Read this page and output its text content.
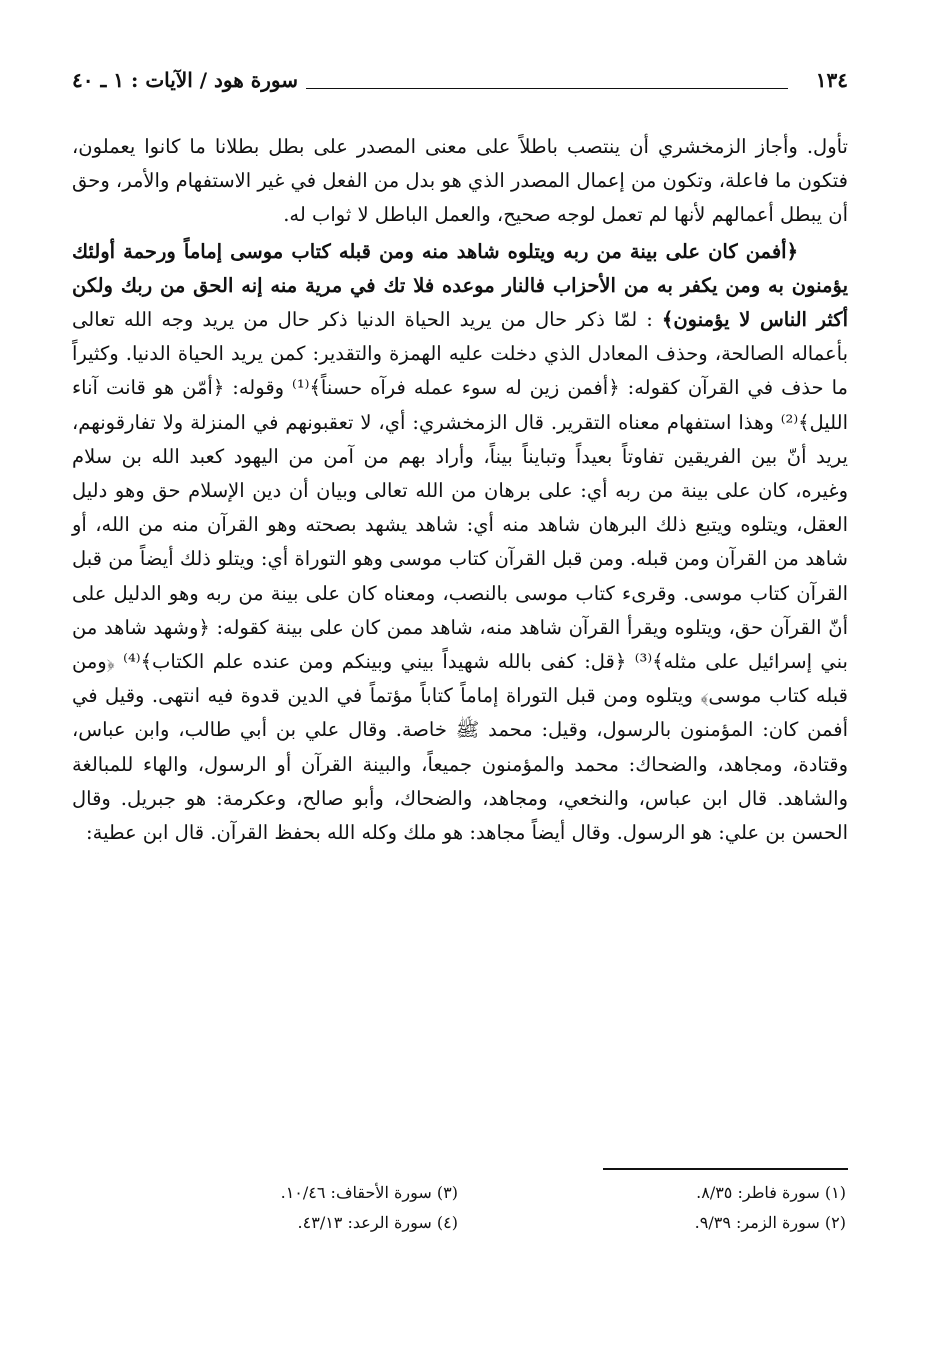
١٣٤
سورة هود / الآيات : ١ ـ ٤٠

تأول. وأجاز الزمخشري أن ينتصب باطلاً على معنى المصدر على بطل بطلانا ما كانوا يعملون، فتكون ما فاعلة، وتكون من إعمال المصدر الذي هو بدل من الفعل في غير الاستفهام والأمر، وحق أن يبطل أعمالهم لأنها لم تعمل لوجه صحيح، والعمل الباطل لا ثواب له.

﴿أفمن كان على بينة من ربه ويتلوه شاهد منه ومن قبله كتاب موسى إماماً ورحمة أولئك يؤمنون به ومن يكفر به من الأحزاب فالنار موعده فلا تك في مرية منه إنه الحق من ربك ولكن أكثر الناس لا يؤمنون﴾ : لمّا ذكر حال من يريد الحياة الدنيا ذكر حال من يريد وجه الله تعالى بأعماله الصالحة، وحذف المعادل الذي دخلت عليه الهمزة والتقدير: كمن يريد الحياة الدنيا. وكثيراً ما حذف في القرآن كقوله: ﴿أفمن زين له سوء عمله فرآه حسناً﴾⁽¹⁾ وقوله: ﴿أمّن هو قانت آناء الليل﴾⁽²⁾ وهذا استفهام معناه التقرير. قال الزمخشري: أي، لا تعقبونهم في المنزلة ولا تفارقونهم، يريد أنّ بين الفريقين تفاوتاً بعيداً وتبايناً بيناً، وأراد بهم من آمن من اليهود كعبد الله بن سلام وغيره، كان على بينة من ربه أي: على برهان من الله تعالى وبيان أن دين الإسلام حق وهو دليل العقل، ويتلوه ويتبع ذلك البرهان شاهد منه أي: شاهد يشهد بصحته وهو القرآن منه من الله، أو شاهد من القرآن ومن قبله. ومن قبل القرآن كتاب موسى وهو التوراة أي: ويتلو ذلك أيضاً من قبل القرآن كتاب موسى. وقرىء كتاب موسى بالنصب، ومعناه كان على بينة من ربه وهو الدليل على أنّ القرآن حق، ويتلوه ويقرأ القرآن شاهد منه، شاهد ممن كان على بينة كقوله: ﴿وشهد شاهد من بني إسرائيل على مثله﴾⁽³⁾ ﴿قل: كفى بالله شهيداً بيني وبينكم ومن عنده علم الكتاب﴾⁽⁴⁾ ﴿ومن قبله كتاب موسى﴾ ويتلوه ومن قبل التوراة إماماً كتاباً مؤتماً في الدين قدوة فيه انتهى. وقيل في أفمن كان: المؤمنون بالرسول، وقيل: محمد ﷺ خاصة. وقال علي بن أبي طالب، وابن عباس، وقتادة، ومجاهد، والضحاك: محمد والمؤمنون جميعاً، والبينة القرآن أو الرسول، والهاء للمبالغة والشاهد. قال ابن عباس، والنخعي، ومجاهد، والضحاك، وأبو صالح، وعكرمة: هو جبريل. وقال الحسن بن علي: هو الرسول. وقال أيضاً مجاهد: هو ملك وكله الله بحفظ القرآن. قال ابن عطية:

(١) سورة فاطر: ٨/٣٥.
(٢) سورة الزمر: ٩/٣٩.
(٣) سورة الأحقاف: ١٠/٤٦.
(٤) سورة الرعد: ٤٣/١٣.
